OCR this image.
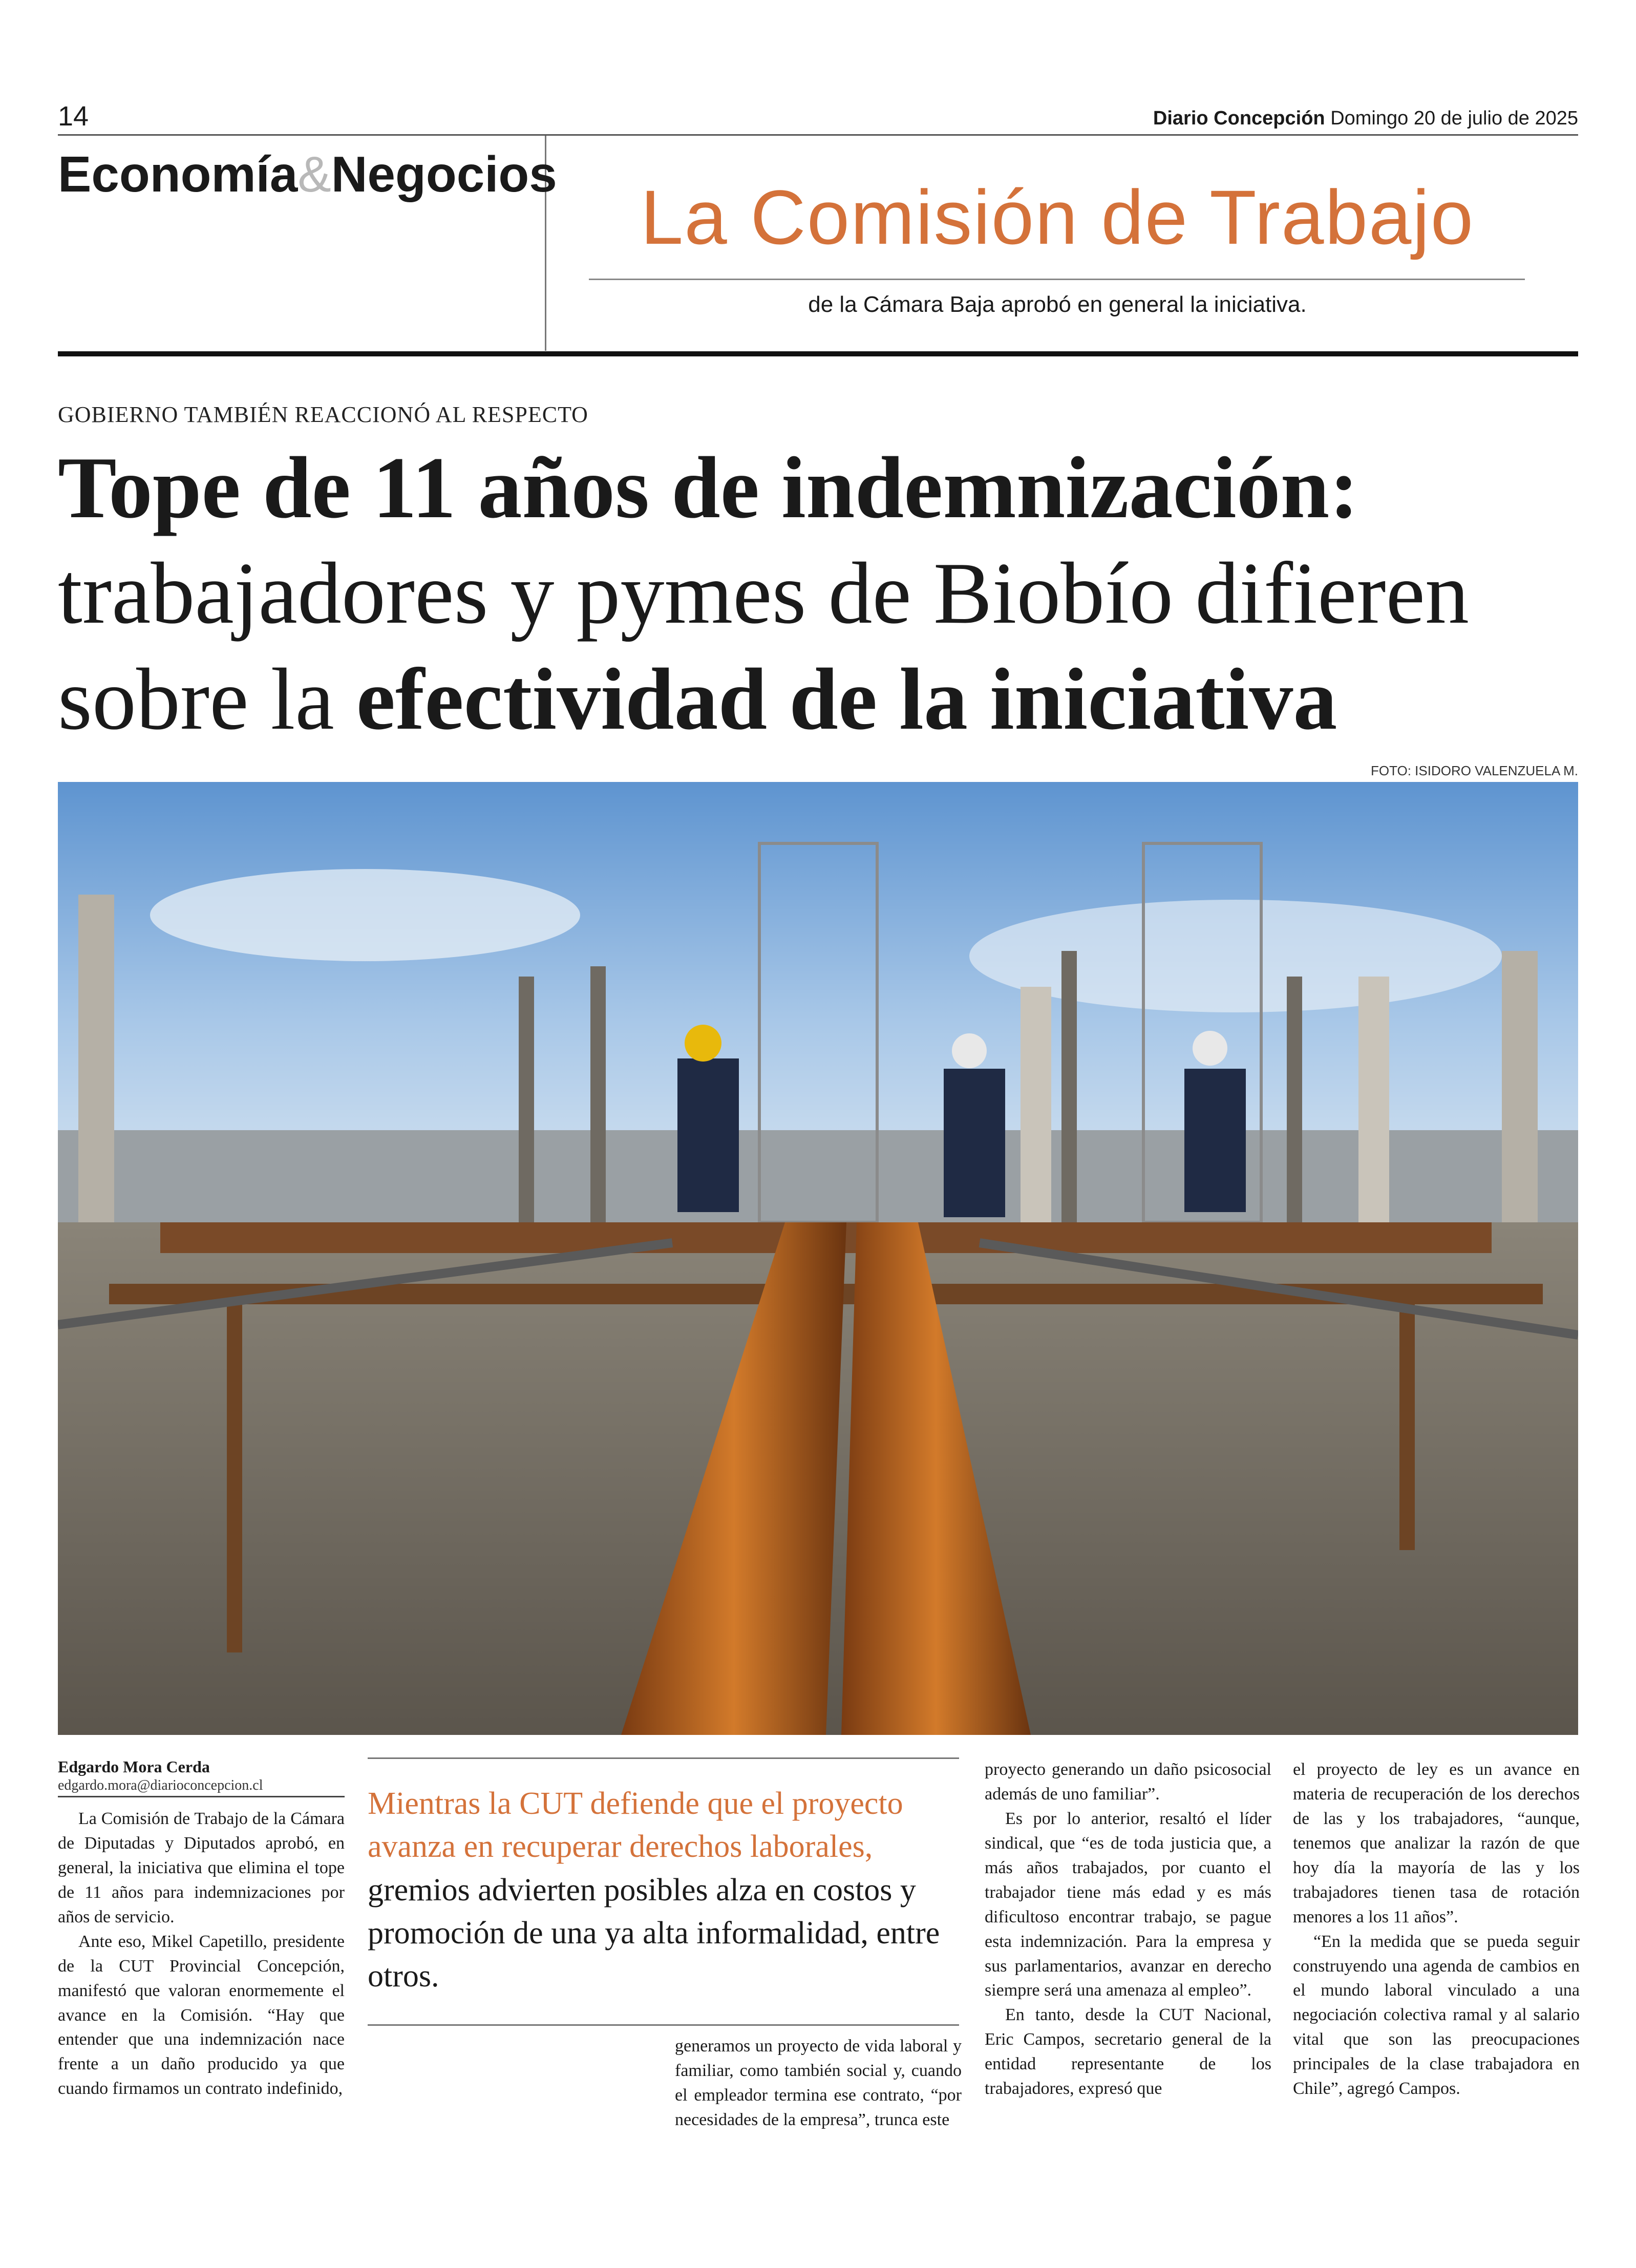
14	Diario Concepción Domingo 20 de julio de 2025
Economía&Negocios	La Comisión de Trabajo
de la Cámara Baja aprobó en general la iniciativa.
GOBIERNO TAMBIÉN REACCIONÓ AL RESPECTO
Tope de 11 años de indemnización:
trabajadores y pymes de Biobío difieren
sobre la efectividad de la iniciativa
FOTO: ISIDORO VALENZUELA M.
Edgardo Mora Cerda
edgardo.mora@diarioconcepcion.cl
Mientras la CUT defiende que el proyecto avanza en recuperar derechos laborales, gremios advierten posibles alza en costos y promoción de una ya alta informalidad, entre otros.

La Comisión de Trabajo de la Cámara de Diputadas y Diputados aprobó, en general, la iniciativa que elimina el tope de 11 años para indemnizaciones por años de servicio.

Ante eso, Mikel Capetillo, presidente de la CUT Provincial Concepción, manifestó que valoran enormemente el avance en la Comisión. “Hay que entender que una indemnización nace frente a un daño producido ya que cuando firmamos un contrato indefinido,

generamos un proyecto de vida laboral y familiar, como también social y, cuando el empleador termina ese contrato, “por necesidades de la empresa”, trunca este

proyecto generando un daño psicosocial además de uno familiar”.

Es por lo anterior, resaltó el líder sindical, que “es de toda justicia que, a más años trabajados, por cuanto el trabajador tiene más edad y es más dificultoso encontrar trabajo, se pague esta indemnización. Para la empresa y sus parlamentarios, avanzar en derecho siempre será una amenaza al empleo”.

En tanto, desde la CUT Nacional, Eric Campos, secretario general de la entidad representante de los trabajadores, expresó que

el proyecto de ley es un avance en materia de recuperación de los derechos de las y los trabajadores, “aunque, tenemos que analizar la razón de que hoy día la mayoría de las y los trabajadores tienen tasa de rotación menores a los 11 años”.

“En la medida que se pueda seguir construyendo una agenda de cambios en el mundo laboral vinculado a una negociación colectiva ramal y al salario vital que son las preocupaciones principales de la clase trabajadora en Chile”, agregó Campos.
